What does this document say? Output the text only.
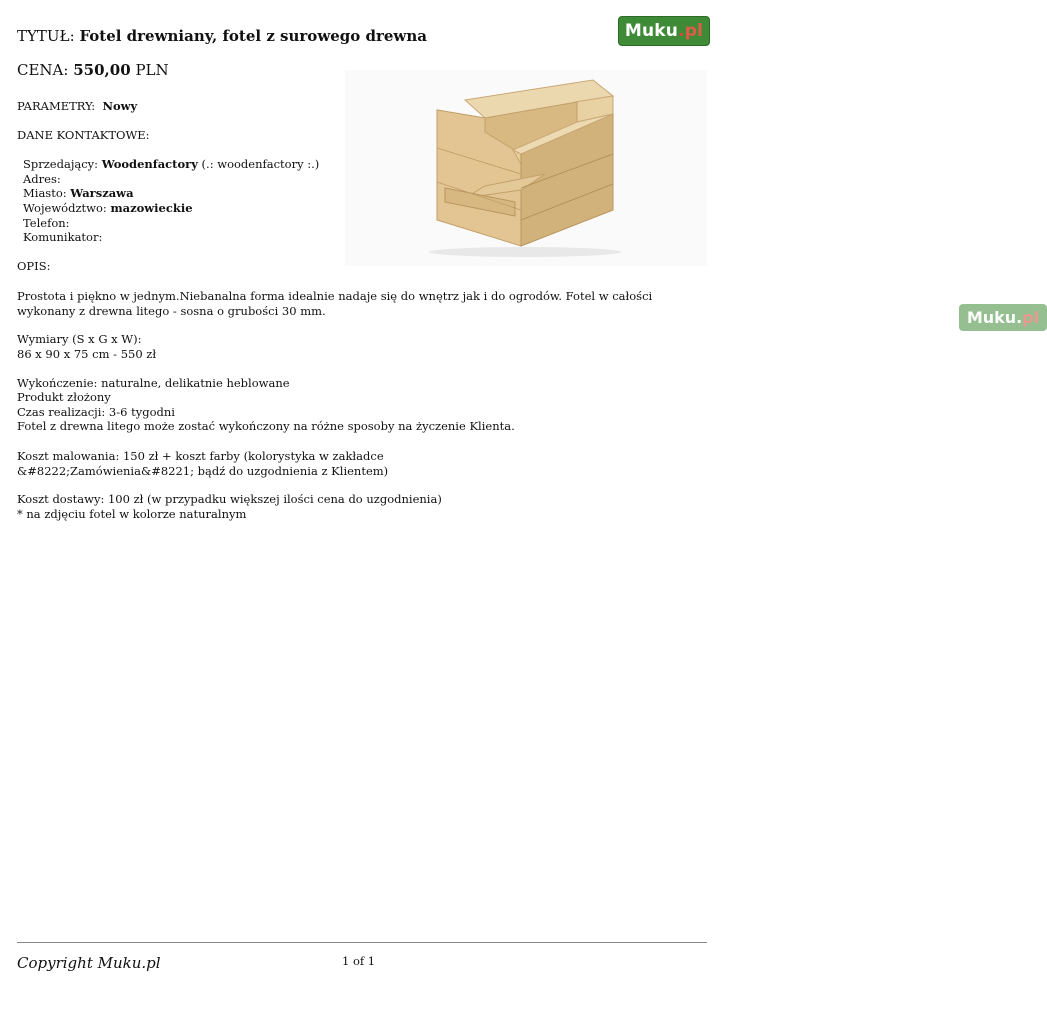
TYTUŁ: Fotel drewniany, fotel z surowego drewna	Muku . pl
CENA: 550,00 PLN
Muku . pl
PARAMETRY: Nowy
DANE KONTAKTOWE:
Sprzedający: Woodenfactory (.: woodenfactory :.)
Adres:
Miasto: Warszawa
Województwo: mazowieckie
Telefon:
Komunikator:
OPIS:
Prostota i piękno w jednym.Niebanalna forma idealnie nadaje się do wnętrz jak i do ogrodów. Fotel w całości wykonany z drewna litego - sosna o grubości 30 mm.
Wymiary (S x G x W):
86 x 90 x 75 cm - 550 zł
Wykończenie: naturalne, delikatnie heblowane
Produkt złożony
Czas realizacji: 3-6 tygodni
Fotel z drewna litego może zostać wykończony na różne sposoby na życzenie Klienta.
Koszt malowania: 150 zł + koszt farby (kolorystyka w zakładce &#8222;Zamówienia&#8221; bądź do uzgodnienia z Klientem)
Koszt dostawy: 100 zł (w przypadku większej ilości cena do uzgodnienia)
* na zdjęciu fotel w kolorze naturalnym
Copyright Muku.pl	1 of 1
